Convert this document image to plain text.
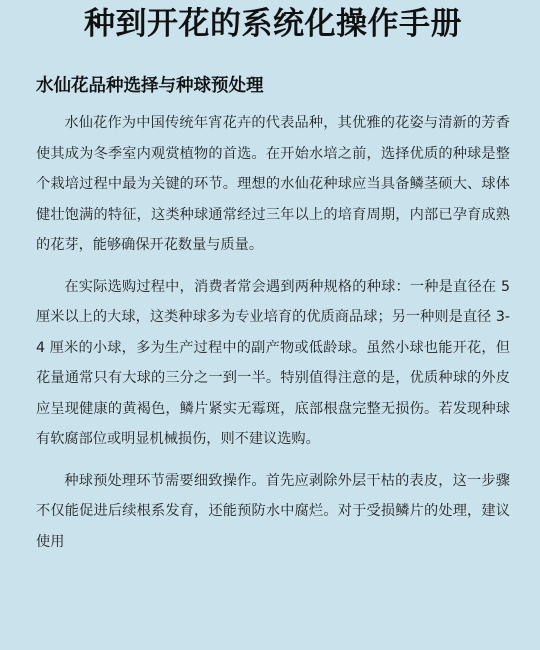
种到开花的系统化操作手册
水仙花品种选择与种球预处理

水仙花作为中国传统年宵花卉的代表品种，其优雅的花姿与清新的芳香使其成为冬季室内观赏植物的首选。在开始水培之前，选择优质的种球是整个栽培过程中最为关键的环节。理想的水仙花种球应当具备鳞茎硕大、球体健壮饱满的特征，这类种球通常经过三年以上的培育周期，内部已孕育成熟的花芽，能够确保开花数量与质量。

在实际选购过程中，消费者常会遇到两种规格的种球：一种是直径在 5 厘米以上的大球，这类种球多为专业培育的优质商品球；另一种则是直径 3-4 厘米的小球，多为生产过程中的副产物或低龄球。虽然小球也能开花，但花量通常只有大球的三分之一到一半。特别值得注意的是，优质种球的外皮应呈现健康的黄褐色，鳞片紧实无霉斑，底部根盘完整无损伤。若发现种球有软腐部位或明显机械损伤，则不建议选购。

种球预处理环节需要细致操作。首先应剥除外层干枯的表皮，这一步骤不仅能促进后续根系发育，还能预防水中腐烂。对于受损鳞片的处理，建议使用
